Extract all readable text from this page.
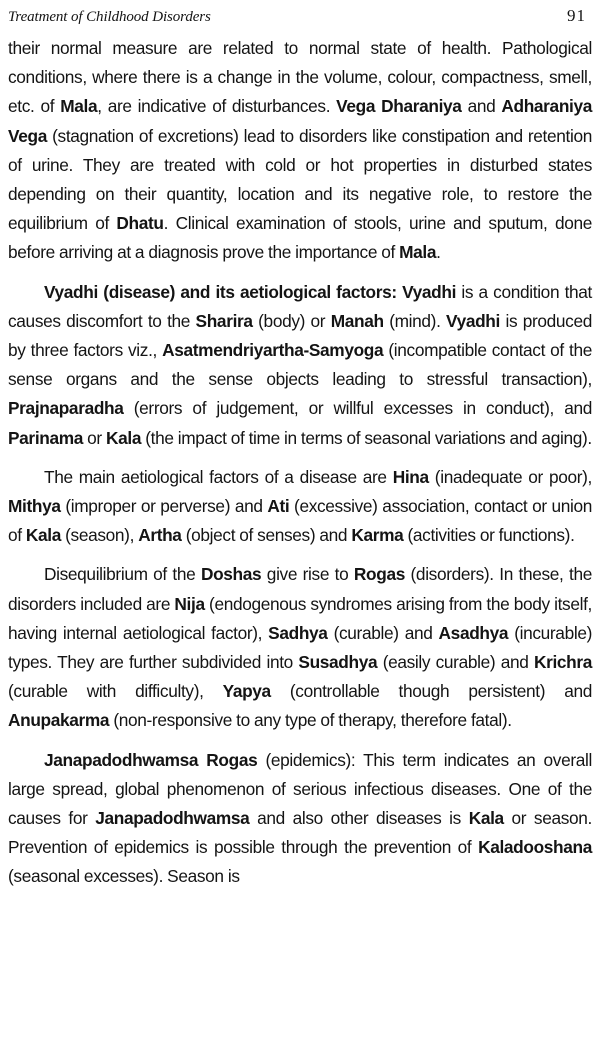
Treatment of Childhood Disorders	91

their normal measure are related to normal state of health. Pathological conditions, where there is a change in the volume, colour, compactness, smell, etc. of Mala, are indicative of disturbances. Vega Dharaniya and Adharaniya Vega (stagnation of excretions) lead to disorders like constipation and retention of urine. They are treated with cold or hot properties in disturbed states depending on their quantity, location and its negative role, to restore the equilibrium of Dhatu. Clinical examination of stools, urine and sputum, done before arriving at a diagnosis prove the importance of Mala.

Vyadhi (disease) and its aetiological factors: Vyadhi is a condition that causes discomfort to the Sharira (body) or Manah (mind). Vyadhi is produced by three factors viz., Asatmendriyartha-Samyoga (incompatible contact of the sense organs and the sense objects leading to stressful transaction), Prajnaparadha (errors of judgement, or willful excesses in conduct), and Parinama or Kala (the impact of time in terms of seasonal variations and aging).

The main aetiological factors of a disease are Hina (inadequate or poor), Mithya (improper or perverse) and Ati (excessive) association, contact or union of Kala (season), Artha (object of senses) and Karma (activities or functions).

Disequilibrium of the Doshas give rise to Rogas (disorders). In these, the disorders included are Nija (endogenous syndromes arising from the body itself, having internal aetiological factor), Sadhya (curable) and Asadhya (incurable) types. They are further subdivided into Susadhya (easily curable) and Krichra (curable with difficulty), Yapya (controllable though persistent) and Anupakarma (non-responsive to any type of therapy, therefore fatal).

Janapadodhwamsa Rogas (epidemics): This term indicates an overall large spread, global phenomenon of serious infectious diseases. One of the causes for Janapadodhwamsa and also other diseases is Kala or season. Prevention of epidemics is possible through the prevention of Kaladooshana (seasonal excesses). Season is
